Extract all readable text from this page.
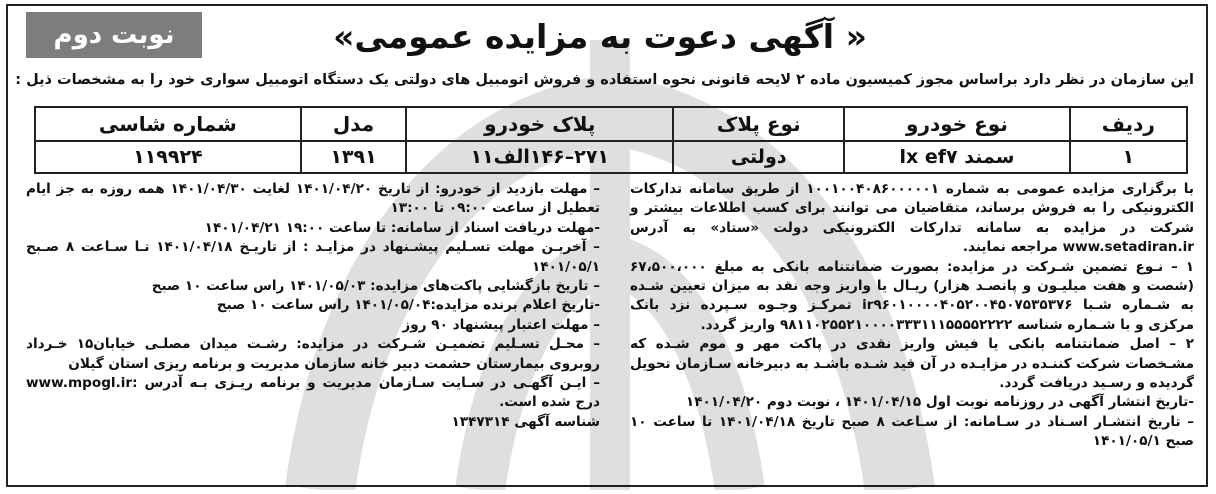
نوبت دوم	« آگهی دعوت به مزایده عمومی»
این سازمان در نظر دارد براساس مجوز کمیسیون ماده ۲ لایحه قانونی نحوه استفاده و فروش اتومبیل های دولتی یک دستگاه اتومبیل سواری خود را به مشخصات ذیل :
ردیف	نوع خودرو	نوع پلاک	پلاک خودرو	مدل	شماره شاسی
۱	سمند lx ef۷	دولتی	۲۷۱–۱۴۶الف۱۱	۱۳۹۱	۱۱۹۹۲۴

با برگزاری مزایده عمومی به شماره ۱۰۰۱۰۰۴۰۸۶۰۰۰۰۰۱ از طریق سامانه تدارکات الکترونیکی را به فروش برساند، متقاضیان می توانند برای کسب اطلاعات بیشتر و شرکت در مزایده به سامانه تدارکات الکترونیکی دولت «ستاد» به آدرس www.setadiran.ir مراجعه نمایند.

۱ – نـوع تضمین شـرکت در مزایده: بصورت ضمانتنامه بانکی به مبلغ ۶۷،۵۰۰،۰۰۰ (شصت و هفت میلیـون و پانصـد هزار) ریـال یا واریز وجه نقد به میزان تعیین شـده به شـماره شـبا ir۹۶۰۱۰۰۰۰۴۰۵۲۰۰۴۵۰۷۵۳۵۳۷۶ تمرکـز وجـوه سـپرده نزد بانک مرکزی و با شـماره شناسه ۹۸۱۱۰۲۵۵۲۱۰۰۰۰۳۳۳۱۱۱۵۵۵۵۲۲۲۲ واریز گردد.

۲ – اصل ضمانتنامه بانکی یا فیش واریز نقدی در پاکت مهر و موم شـده که مشـخصات شرکت کننـده در مزایـده در آن قید شـده باشـد به دبیرخانه سـازمان تحویل گردیده و رسـید دریافت گردد.

-تاریخ انتشار آگهی در روزنامه نوبت اول ۱۴۰۱/۰۴/۱۵ ، نوبت دوم ۱۴۰۱/۰۴/۲۰

– تاریخ انتشـار اسـناد در سـامانه: از سـاعت ۸ صبح تاریخ ۱۴۰۱/۰۴/۱۸ تا ساعت ۱۰ صبح ۱۴۰۱/۰۵/۱

– مهلت بازدید از خودرو: از تاریخ ۱۴۰۱/۰۴/۲۰ لغایت ۱۴۰۱/۰۴/۳۰ همه روزه به جز ایام تعطیل از ساعت ۰۹:۰۰ تا ۱۳:۰۰

-مهلت دریافت اسناد از سامانه: تا ساعت ۱۹:۰۰ ۱۴۰۱/۰۴/۲۱

– آخریـن مهلت تسـلیم پیشـنهاد در مزایـد : از تاریـخ ۱۴۰۱/۰۴/۱۸ تـا سـاعت ۸ صـبح ۱۴۰۱/۰۵/۱

– تاریخ بازگشایی پاکت‌های مزایده: ۱۴۰۱/۰۵/۰۳ راس ساعت ۱۰ صبح

-تاریخ اعلام برنده مزایده:۱۴۰۱/۰۵/۰۴ راس ساعت ۱۰ صبح

– مهلت اعتبار پیشنهاد ۹۰ روز

– محـل تسـلیم تضمیـن شـرکت در مزایده: رشـت میدان مصلـی خیابان۱۵ خـرداد روبروی بیمارستان حشمت دبیر خانه سازمان مدیریت و برنامه ریزی استان گیلان

– ایـن آگهـی در سـایت سـازمان مدیریت و برنامه ریـزی بـه آدرس :www.mpogl.ir درج شده است.

شناسه آگهی ۱۳۴۷۳۱۴
